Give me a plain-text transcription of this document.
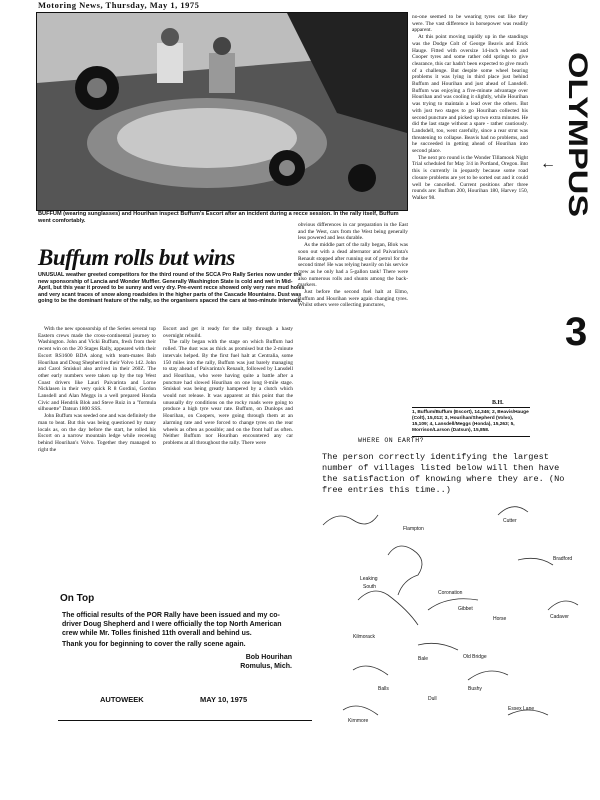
Motoring News, Thursday, May 1, 1975
BUFFUM (wearing sunglasses) and Hourihan inspect Buffum's Escort after an incident during a recce session. In the rally itself, Buffum went comfortably.
Buffum rolls but wins
UNUSUAL weather greeted competitors for the third round of the SCCA Pro Rally Series now under the new sponsorship of Lancia and Wonder Muffler. Generally Washington State is cold and wet in Mid-April, but this year it proved to be sunny and very dry. Pre-event recce showed only very rare mud holes and very scant traces of snow along roadsides in the higher parts of the Cascade Mountains. Dust was going to be the dominant feature of the rally, so the organisers spaced the cars at two-minute intervals.

With the new sponsorship of the Series several top Eastern crews made the cross-continental journey to Washington. John and Vicki Buffum, fresh from their recent win on the 20 Stages Rally, appeared with their Escort RS1600 BDA along with team-mates Bob Hourihan and Doug Shepherd in their Volvo 142. John and Carol Smiskol also arrived in their 260Z. The other early numbers were taken up by the top West Coast drivers like Lauri Paivarinta and Lorne Nicklasen in their very quick R 8 Gordini, Gordon Lansdell and Alan Meggs in a well prepared Honda Civic and Hendrik Blok and Steve Ruiz in a "formula silhouette" Datsun 1800 SSS.

John Buffum was seeded one and was definitely the man to beat. But this was being questioned by many locals as, on the day before the start, he rolled his Escort on a narrow mountain ledge while receeing behind Hourihan's Volvo. Together they managed to right the

Escort and get it ready for the rally through a hasty overnight rebuild.

The rally began with the stage on which Buffum had rolled. The dust was as thick as promised but the 2-minute intervals helped. By the first fuel halt at Centralia, some 150 miles into the rally, Buffum was just barely managing to stay ahead of Paivarinta's Renault, followed by Lansdell and Hourihan, who were having quite a battle after a puncture had slowed Hourihan on one long 8-mile stage. Smiskol was being greatly hampered by a clutch which would not release. It was apparent at this point that the unusually dry conditions on the rocky roads were going to produce a high tyre wear rate. Buffum, on Dunlops and Hourihan, on Coopers, were going through them at an alarming rate and were forced to change tyres on the rear wheels as often as possible; and on the front half as often. Neither Buffum nor Hourihan encountered any car problems at all throughout the rally. There were

obvious differences in car preparation in the East and the West, cars from the West being generally less powered and less durable.

As the middle part of the rally began, Blok was soon out with a dead alternator and Paivarinta's Renault stopped after running out of petrol for the second time! He was relying heavily on his service crew as he only had a 5-gallon tank! There were also numerous rolls and shunts among the back-markers.

Just before the second fuel halt at Elmo, Buffum and Hourihan were again changing tyres. Whilst others were collecting punctures,

no-one seemed to be wearing tyres out like they were. The vast difference in horsepower was readily apparent.

At this point moving rapidly up in the standings was the Dodge Colt of George Beavis and Erick Hauge. Fitted with oversize 14-inch wheels and Cooper tyres and some rather odd springs to give clearance, this car hadn't been expected to give much of a challenge. But despite some wheel bearing problems it was lying in third place just behind Buffum and Hourihan and just ahead of Lansdell. Buffum was enjoying a five-minute advantage over Hourihan and was cooling it slightly, while Hourihan was trying to maintain a lead over the others. But with just two stages to go Hourihan collected his second puncture and picked up two extra minutes. He did the last stage without a spare - rather cautiously. Landsdell, too, went carefully, since a rear strut was threatening to collapse. Beavis had no problems, and he succeeded in getting ahead of Hourihan into second place.

The next pro round is the Wonder Tillamook Night Trial scheduled for May 3/4 in Portland, Oregon. But this is currently in jeopardy because some road closure problems are yet to be sorted out and it could well be cancelled. Current positions after three rounds are: Buffum 200, Hourihan 180, Harvey 150, Walker 98.

B.H.
1, Buffum/Buffum (Escort), 14,346; 2, Beavis/Hauge (Colt), 15,012; 3, Hourihan/Shepherd (Volvo), 15,109; 4, Lansdell/Meggs (Honda), 15,263; 5, Morrison/Larson (Datsun), 15,858.
OLYMPUS
←
3
WHERE ON EARTH?
The person correctly identifying the largest number of villages listed below will then have the satisfaction of knowing where they are. (No free entries this time..)
Cutter
Flampton
Bradford
Leaking
South
Kilmorack
Bale	Old Bridge
Coronation
Gibbet
Horse	Cadaver
Bushy
Essex Lane
Balls
Kirnmore
Dull
On Top
The official results of the POR Rally have been issued and my co-driver Doug Shepherd and I were officially the top North American crew while Mr. Tolles finished 11th overall and behind us.
Thank you for beginning to cover the rally scene again.
Bob Hourihan
Romulus, Mich.
AUTOWEEK	MAY 10, 1975
